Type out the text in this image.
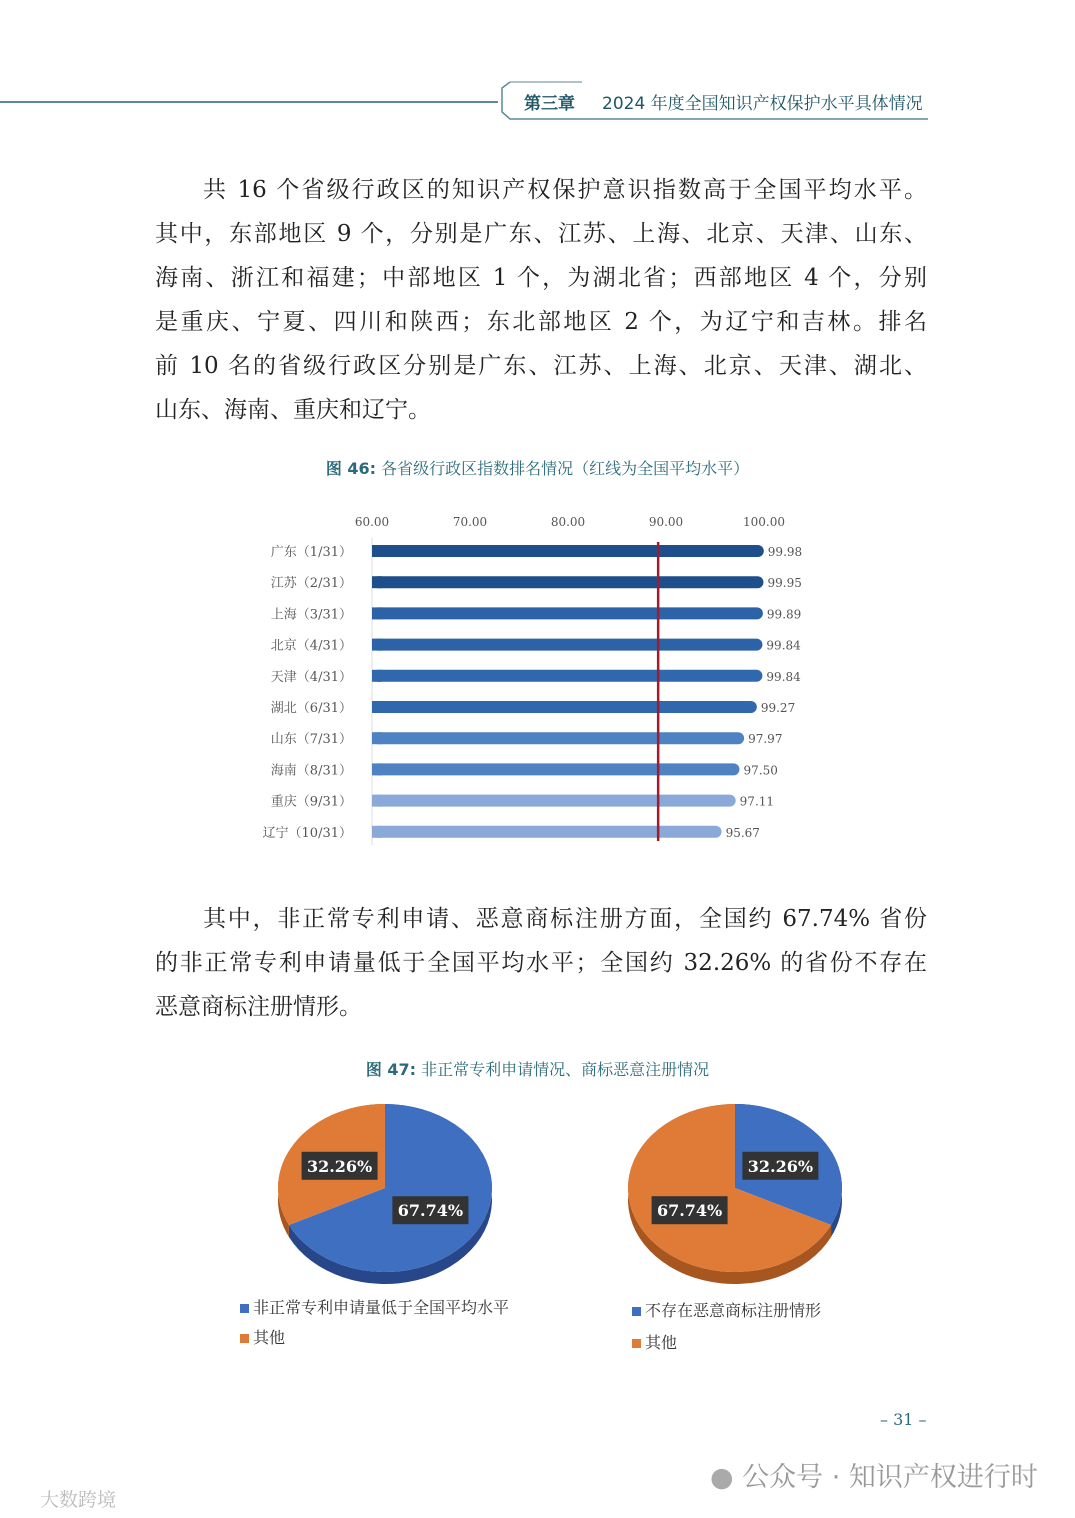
第三章 2024 年度全国知识产权保护水平具体情况
共 16 个省级行政区的知识产权保护意识指数高于全国平均水平。
其中，东部地区 9 个，分别是广东、江苏、上海、北京、天津、山东、
海南、浙江和福建；中部地区 1 个，为湖北省；西部地区 4 个，分别
是重庆、宁夏、四川和陕西；东北部地区 2 个，为辽宁和吉林。排名
前 10 名的省级行政区分别是广东、江苏、上海、北京、天津、湖北、
山东、海南、重庆和辽宁。
图 46: 各省级行政区指数排名情况（红线为全国平均水平）
60.00	70.00	80.00	90.00	100.00
广东（1/31）	99.98
江苏（2/31）	99.95
上海（3/31）	99.89
北京（4/31）	99.84
天津（4/31）	99.84
湖北（6/31）	99.27
山东（7/31）	97.97
海南（8/31）	97.50
重庆（9/31）	97.11
辽宁（10/31）	95.67
其中，非正常专利申请、恶意商标注册方面，全国约 67.74% 省份
的非正常专利申请量低于全国平均水平；全国约 32.26% 的省份不存在
恶意商标注册情形。
图 47: 非正常专利申请情况、商标恶意注册情况
67.74%
32.26%	32.26%
67.74%
非正常专利申请量低于全国平均水平
其他
不存在恶意商标注册情形
其他
– 31 –
● 公众号 · 知识产权进行时
大数跨境
